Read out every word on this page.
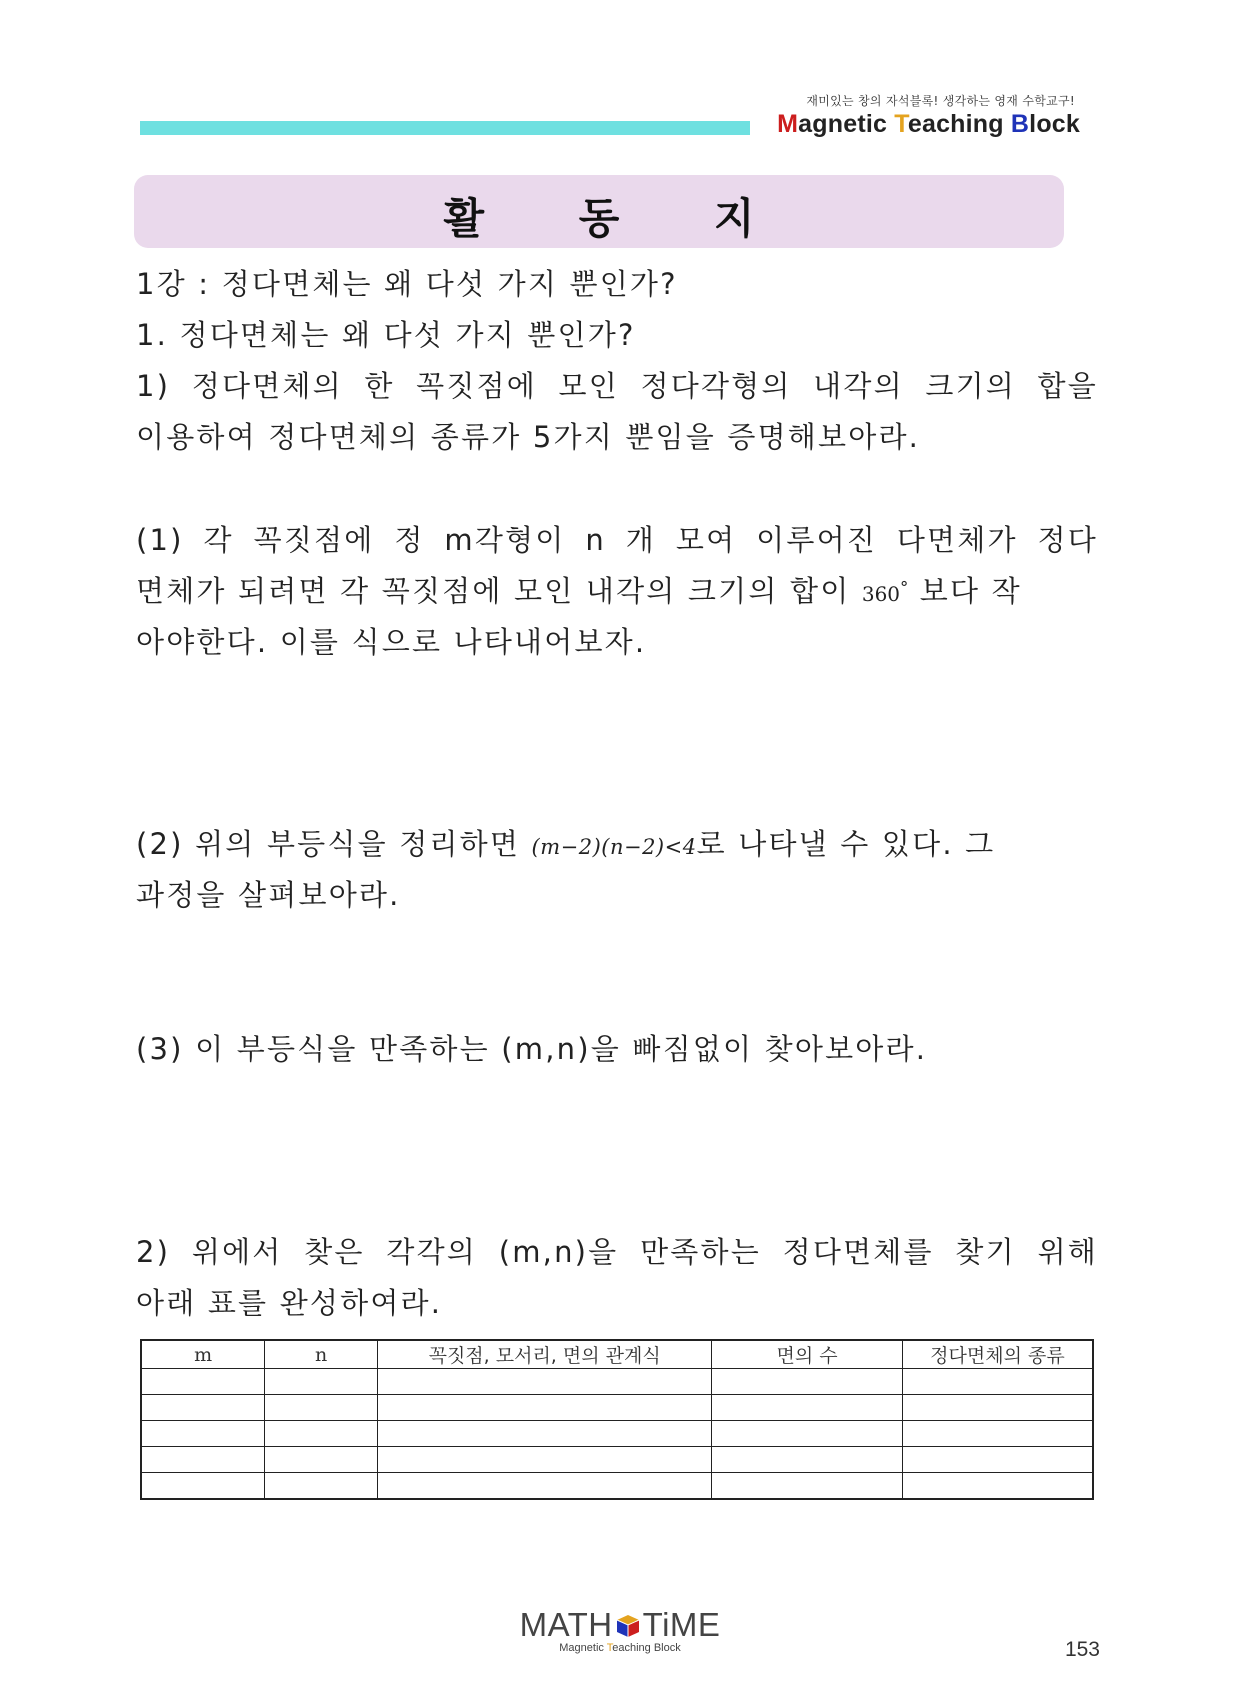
재미있는 창의 자석블록! 생각하는 영재 수학교구!
Magnetic Teaching Block
활 동 지
1강 : 정다면체는 왜 다섯 가지 뿐인가?
1. 정다면체는 왜 다섯 가지 뿐인가?
1) 정다면체의 한 꼭짓점에 모인 정다각형의 내각의 크기의 합을
이용하여 정다면체의 종류가 5가지 뿐임을 증명해보아라.
(1) 각 꼭짓점에 정 m각형이 n 개 모여 이루어진 다면체가 정다
면체가 되려면 각 꼭짓점에 모인 내각의 크기의 합이 360° 보다 작
아야한다. 이를 식으로 나타내어보자.
(2) 위의 부등식을 정리하면 (m−2)(n−2)<4로 나타낼 수 있다. 그
과정을 살펴보아라.
(3) 이 부등식을 만족하는 (m,n)을 빠짐없이 찾아보아라.
2) 위에서 찾은 각각의 (m,n)을 만족하는 정다면체를 찾기 위해
아래 표를 완성하여라.
m	n	꼭짓점, 모서리, 면의 관계식	면의 수	정다면체의 종류

MATH TiME
Magnetic Teaching Block	153
